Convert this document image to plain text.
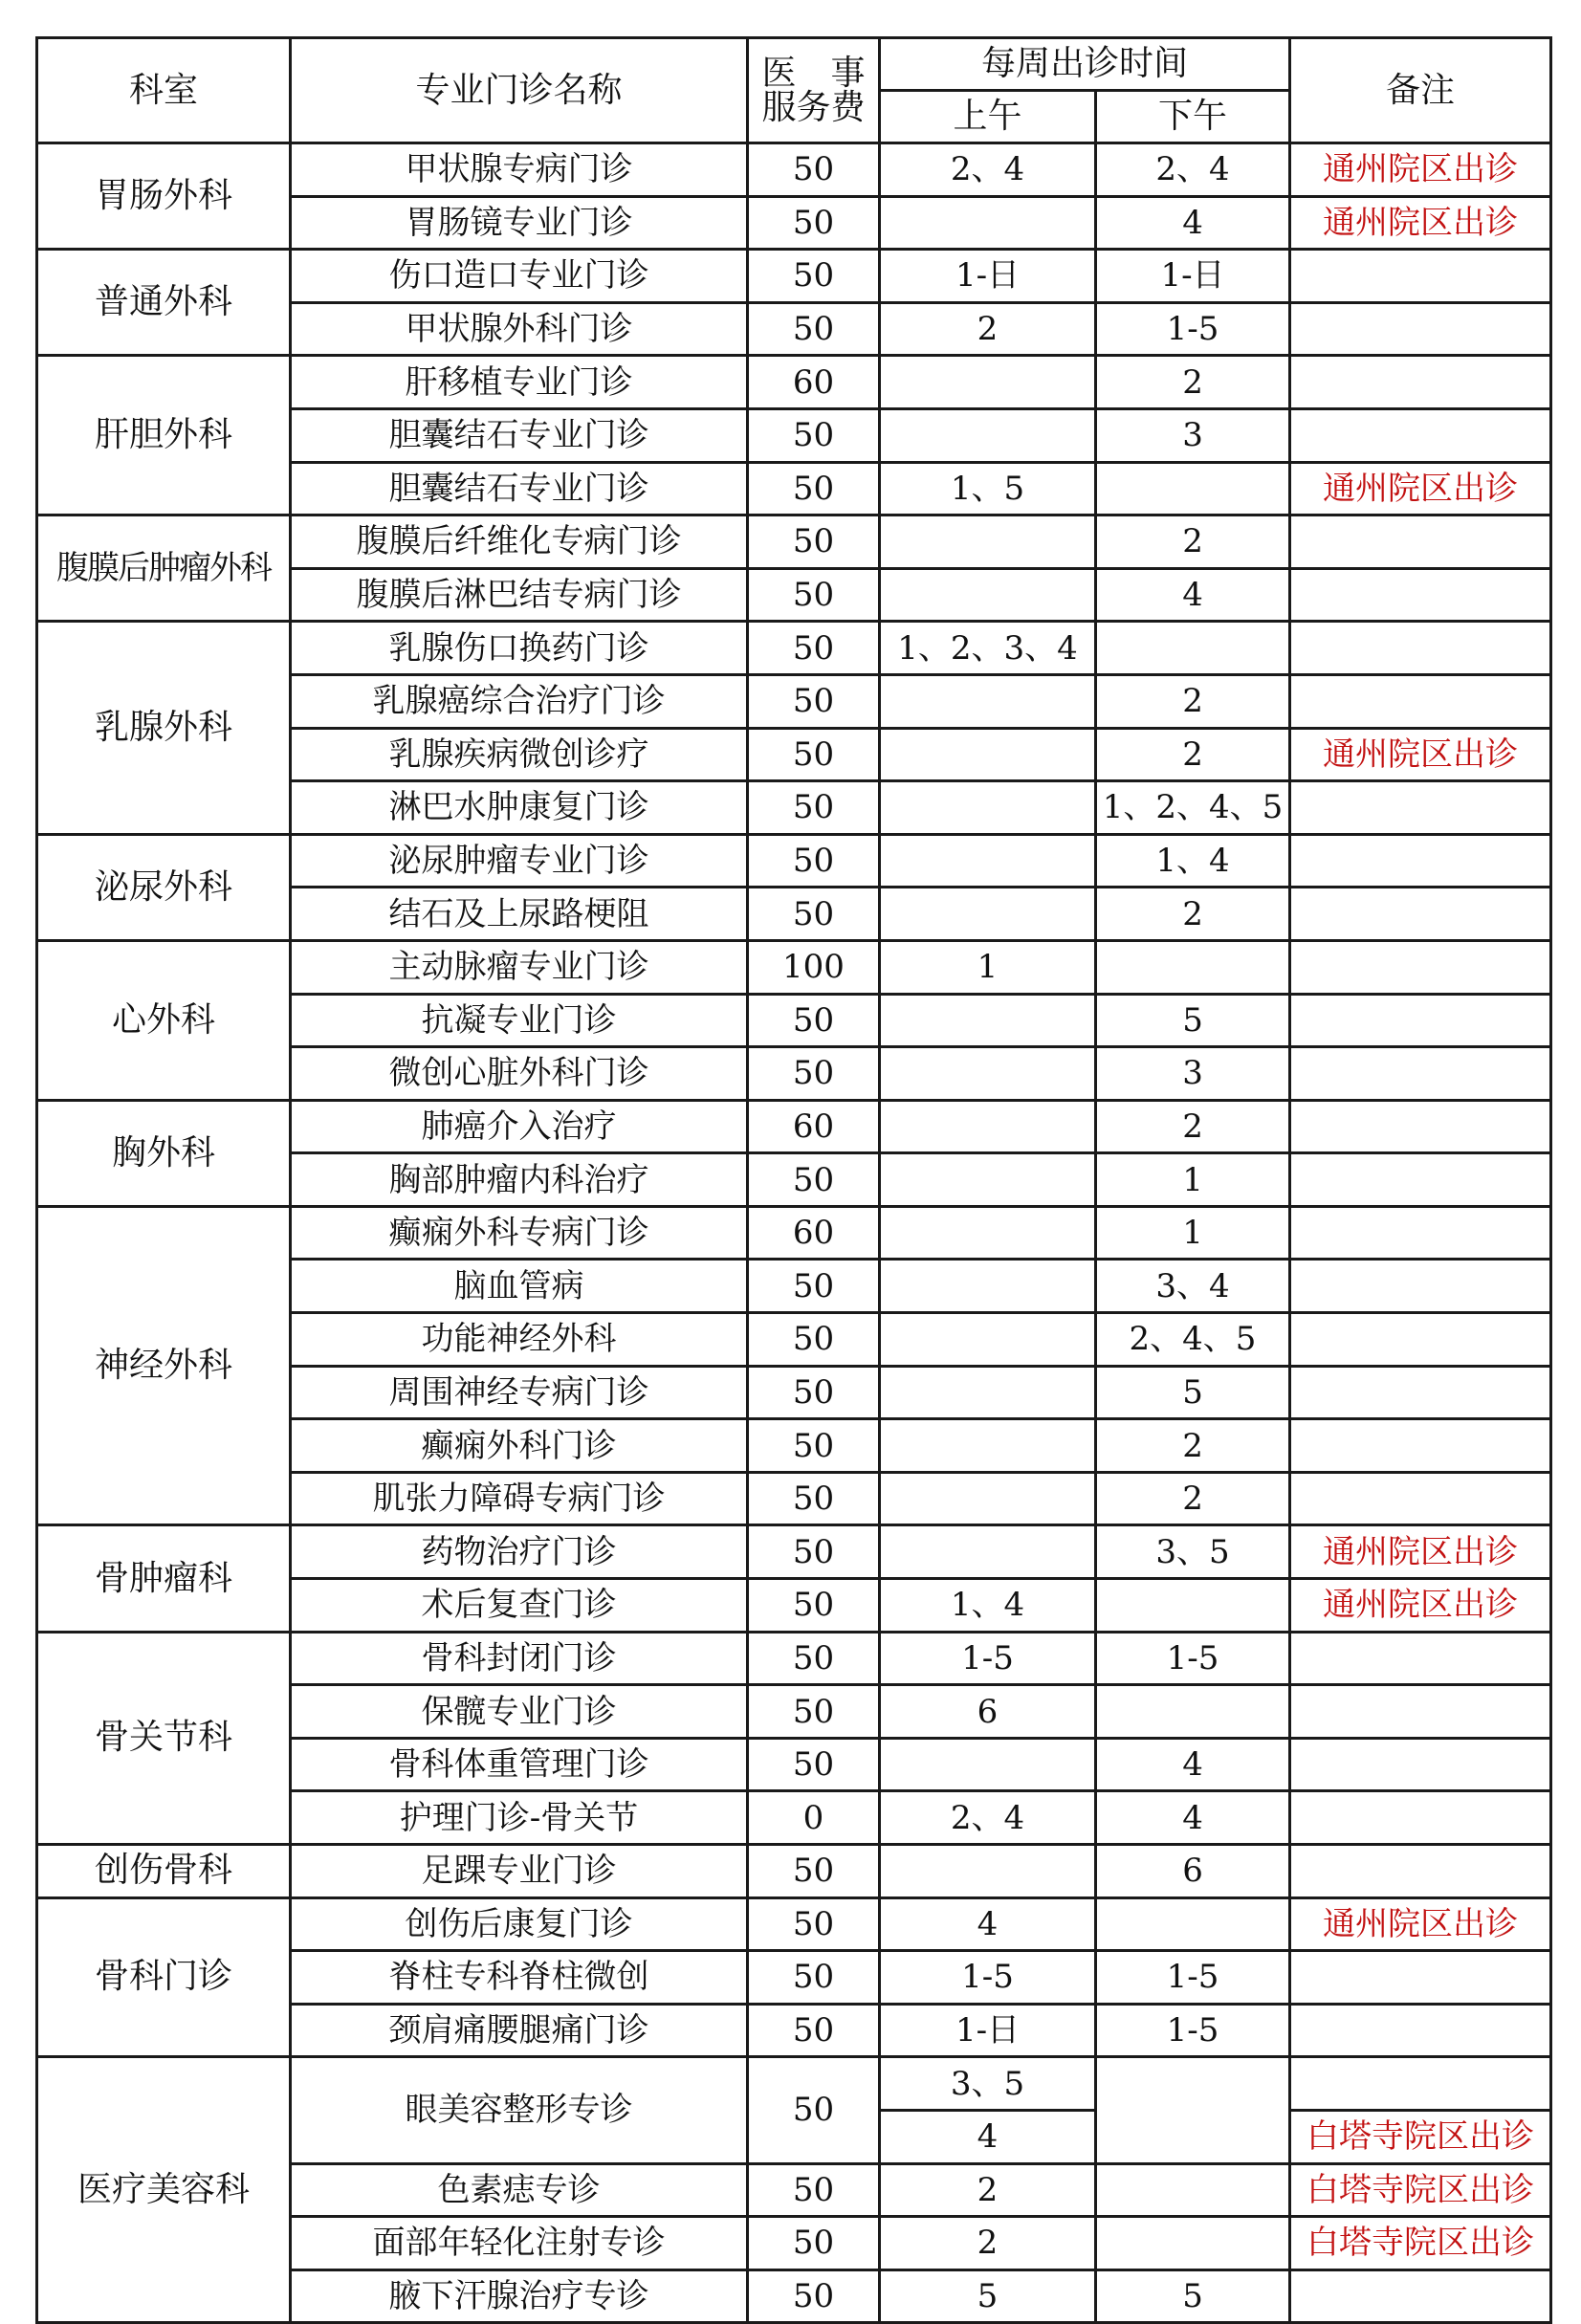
科室	专业门诊名称	医　事
服务费	每周出诊时间		备注
			上午	下午	
胃肠外科	甲状腺专病门诊	50	2、4	2、4	通州院区出诊
	胃肠镜专业门诊	50		4	通州院区出诊
普通外科	伤口造口专业门诊	50	1-日	1-日	
	甲状腺外科门诊	50	2	1-5	
肝胆外科	肝移植专业门诊	60		2	
	胆囊结石专业门诊	50		3	
	胆囊结石专业门诊	50	1、5		通州院区出诊
腹膜后肿瘤外科	腹膜后纤维化专病门诊	50		2	
	腹膜后淋巴结专病门诊	50		4	
乳腺外科	乳腺伤口换药门诊	50	1、2、3、4		
	乳腺癌综合治疗门诊	50		2	
	乳腺疾病微创诊疗	50		2	通州院区出诊
	淋巴水肿康复门诊	50		1、2、4、5	
泌尿外科	泌尿肿瘤专业门诊	50		1、4	
	结石及上尿路梗阻	50		2	
心外科	主动脉瘤专业门诊	100	1		
	抗凝专业门诊	50		5	
	微创心脏外科门诊	50		3	
胸外科	肺癌介入治疗	60		2	
	胸部肿瘤内科治疗	50		1	
神经外科	癫痫外科专病门诊	60		1	
	脑血管病	50		3、4	
	功能神经外科	50		2、4、5	
	周围神经专病门诊	50		5	
	癫痫外科门诊	50		2	
	肌张力障碍专病门诊	50		2	
骨肿瘤科	药物治疗门诊	50		3、5	通州院区出诊
	术后复查门诊	50	1、4		通州院区出诊
骨关节科	骨科封闭门诊	50	1-5	1-5	
	保髋专业门诊	50	6		
	骨科体重管理门诊	50		4	
	护理门诊-骨关节	0	2、4	4	
创伤骨科	足踝专业门诊	50		6	
骨科门诊	创伤后康复门诊	50	4		通州院区出诊
	脊柱专科脊柱微创	50	1-5	1-5	
	颈肩痛腰腿痛门诊	50	1-日	1-5	
医疗美容科	眼美容整形专诊	50	3、5		
			4		白塔寺院区出诊
	色素痣专诊	50	2		白塔寺院区出诊
	面部年轻化注射专诊	50	2		白塔寺院区出诊
	腋下汗腺治疗专诊	50	5	5	
